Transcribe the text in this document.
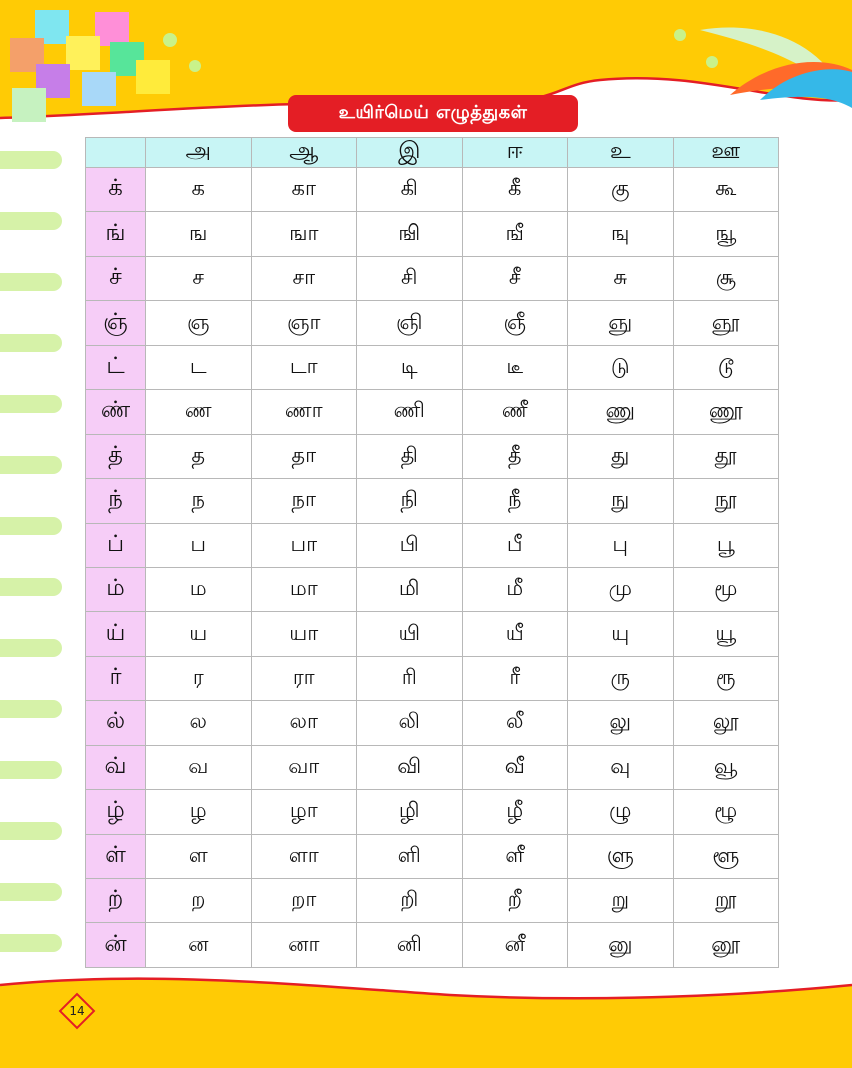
உயிர்மெய் எழுத்துகள்
	அ	ஆ	இ	ஈ	உ	ஊ
க்	க	கா	கி	கீ	கு	கூ
ங்	ங	ஙா	ஙி	ஙீ	ஙு	ஙூ
ச்	ச	சா	சி	சீ	சு	சூ
ஞ்	ஞ	ஞா	ஞி	ஞீ	ஞு	ஞூ
ட்	ட	டா	டி	டீ	டு	டூ
ண்	ண	ணா	ணி	ணீ	ணு	ணூ
த்	த	தா	தி	தீ	து	தூ
ந்	ந	நா	நி	நீ	நு	நூ
ப்	ப	பா	பி	பீ	பு	பூ
ம்	ம	மா	மி	மீ	மு	மூ
ய்	ய	யா	யி	யீ	யு	யூ
ர்	ர	ரா	ரி	ரீ	ரு	ரூ
ல்	ல	லா	லி	லீ	லு	லூ
வ்	வ	வா	வி	வீ	வு	வூ
ழ்	ழ	ழா	ழி	ழீ	ழு	ழூ
ள்	ள	ளா	ளி	ளீ	ளு	ளூ
ற்	ற	றா	றி	றீ	று	றூ
ன்	ன	னா	னி	னீ	னு	னூ
14
